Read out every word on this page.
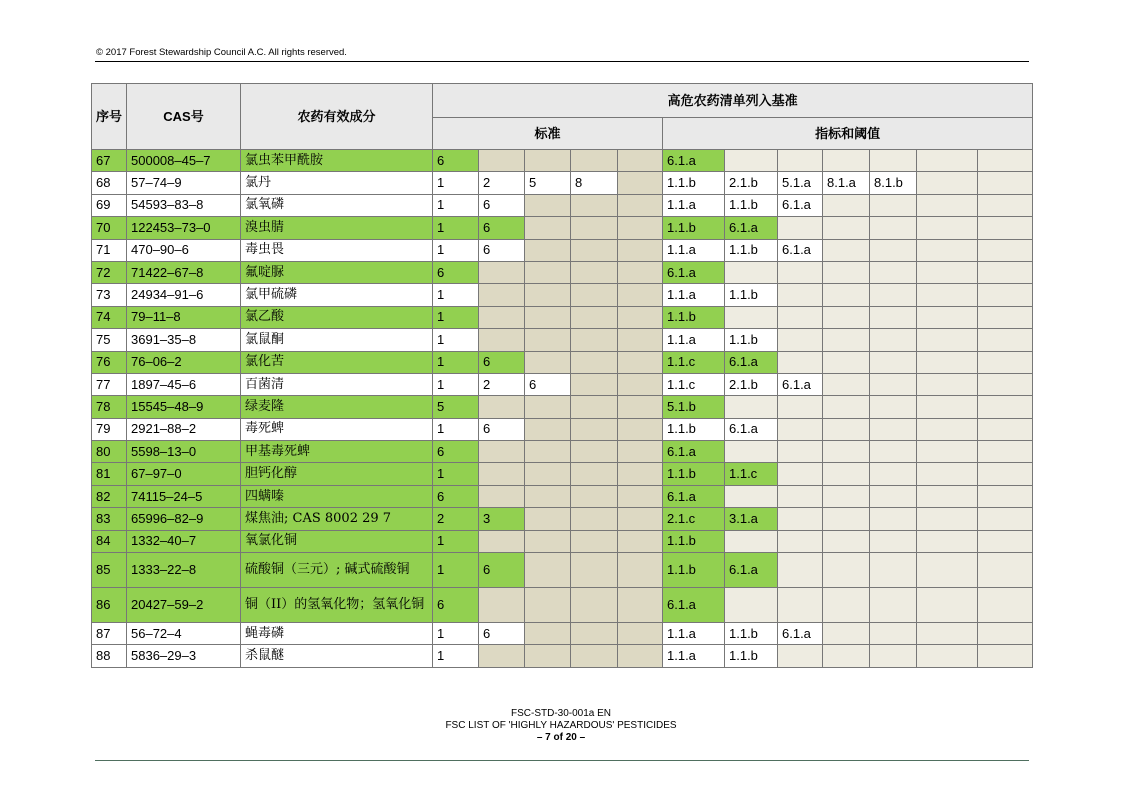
© 2017 Forest Stewardship Council A.C. All rights reserved.
序号	CAS号	农药有效成分	高危农药清单列入基准											
			标准					指标和阈值						
67	500008–45–7	氯虫苯甲酰胺	6					6.1.a						
68	57–74–9	氯丹	1	2	5	8		1.1.b	2.1.b	5.1.a	8.1.a	8.1.b		
69	54593–83–8	氯氧磷	1	6				1.1.a	1.1.b	6.1.a				
70	122453–73–0	溴虫腈	1	6				1.1.b	6.1.a					
71	470–90–6	毒虫畏	1	6				1.1.a	1.1.b	6.1.a				
72	71422–67–8	氟啶脲	6					6.1.a						
73	24934–91–6	氯甲硫磷	1					1.1.a	1.1.b					
74	79–11–8	氯乙酸	1					1.1.b						
75	3691–35–8	氯鼠酮	1					1.1.a	1.1.b					
76	76–06–2	氯化苦	1	6				1.1.c	6.1.a					
77	1897–45–6	百菌清	1	2	6			1.1.c	2.1.b	6.1.a				
78	15545–48–9	绿麦隆	5					5.1.b						
79	2921–88–2	毒死蜱	1	6				1.1.b	6.1.a					
80	5598–13–0	甲基毒死蜱	6					6.1.a						
81	67–97–0	胆钙化醇	1					1.1.b	1.1.c					
82	74115–24–5	四螨嗪	6					6.1.a						
83	65996–82–9	煤焦油; CAS 8002 29 7	2	3				2.1.c	3.1.a					
84	1332–40–7	氧氯化铜	1					1.1.b						
85	1333–22–8	硫酸铜（三元）; 碱式硫酸铜	1	6				1.1.b	6.1.a					
86	20427–59–2	铜（II）的氢氧化物；氢氧化铜	6					6.1.a						
87	56–72–4	蝇毒磷	1	6				1.1.a	1.1.b	6.1.a				
88	5836–29–3	杀鼠醚	1					1.1.a	1.1.b					
FSC-STD-30-001a EN
FSC LIST OF 'HIGHLY HAZARDOUS' PESTICIDES
– 7 of 20 –
